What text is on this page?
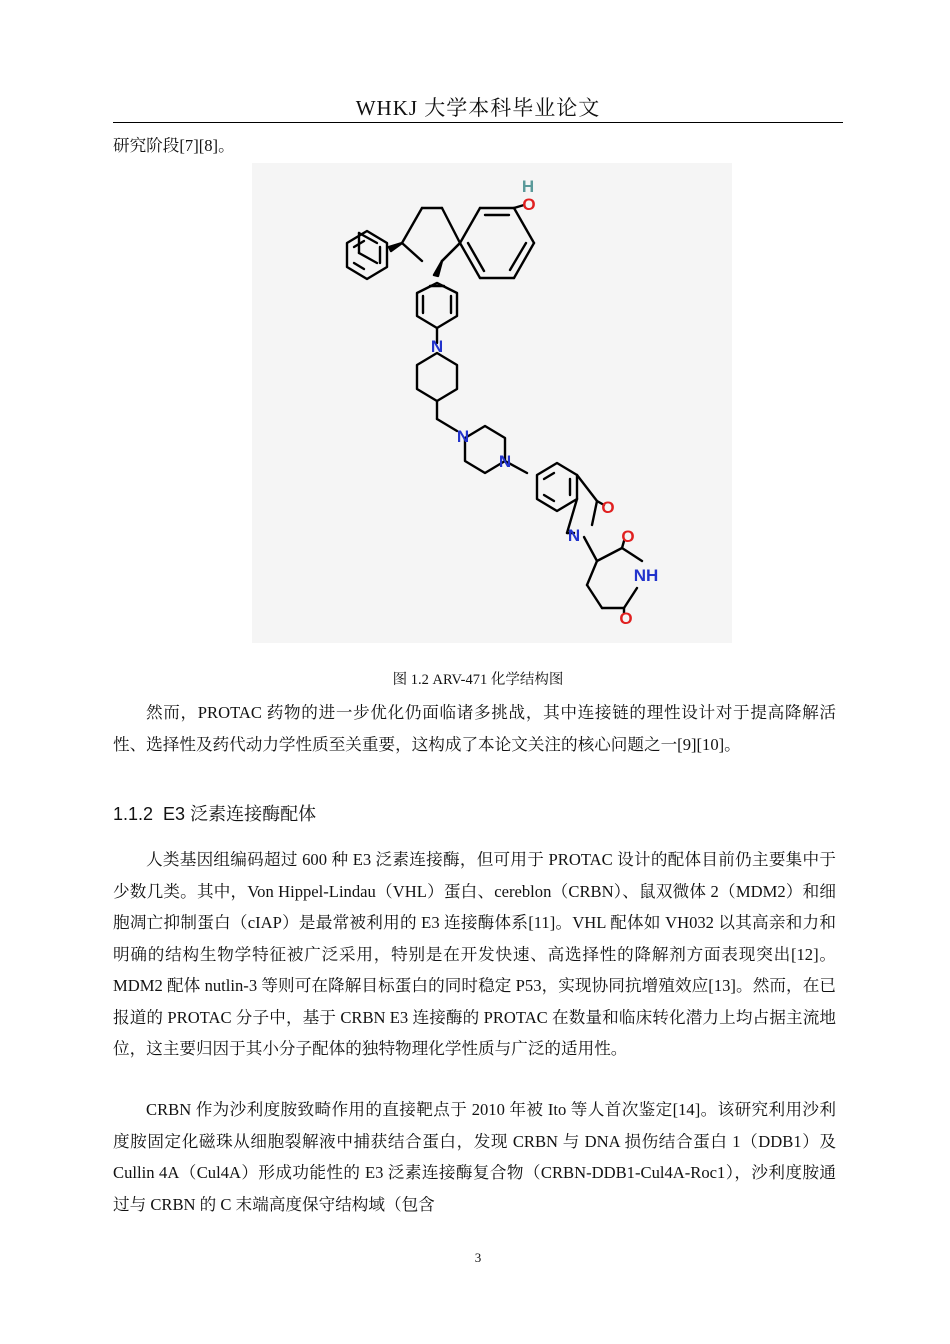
WHKJ 大学本科毕业论文

研究阶段[7][8]。

H
O
N
N
N
O
N O
NH
O
图 1.2 ARV-471 化学结构图

然而，PROTAC 药物的进一步优化仍面临诸多挑战，其中连接链的理性设计对于提高降解活性、选择性及药代动力学性质至关重要，这构成了本论文关注的核心问题之一[9][10]。

1.1.2 E3 泛素连接酶配体

人类基因组编码超过 600 种 E3 泛素连接酶，但可用于 PROTAC 设计的配体目前仍主要集中于少数几类。其中，Von Hippel-Lindau（VHL）蛋白、cereblon（CRBN）、鼠双微体 2（MDM2）和细胞凋亡抑制蛋白（cIAP）是最常被利用的 E3 连接酶体系[11]。VHL 配体如 VH032 以其高亲和力和明确的结构生物学特征被广泛采用，特别是在开发快速、高选择性的降解剂方面表现突出[12]。MDM2 配体 nutlin-3 等则可在降解目标蛋白的同时稳定 P53，实现协同抗增殖效应[13]。然而，在已报道的 PROTAC 分子中，基于 CRBN E3 连接酶的 PROTAC 在数量和临床转化潜力上均占据主流地位，这主要归因于其小分子配体的独特物理化学性质与广泛的适用性。

CRBN 作为沙利度胺致畸作用的直接靶点于 2010 年被 Ito 等人首次鉴定[14]。该研究利用沙利度胺固定化磁珠从细胞裂解液中捕获结合蛋白，发现 CRBN 与 DNA 损伤结合蛋白 1（DDB1）及 Cullin 4A（Cul4A）形成功能性的 E3 泛素连接酶复合物（CRBN-DDB1-Cul4A-Roc1），沙利度胺通过与 CRBN 的 C 末端高度保守结构域（包含

3
